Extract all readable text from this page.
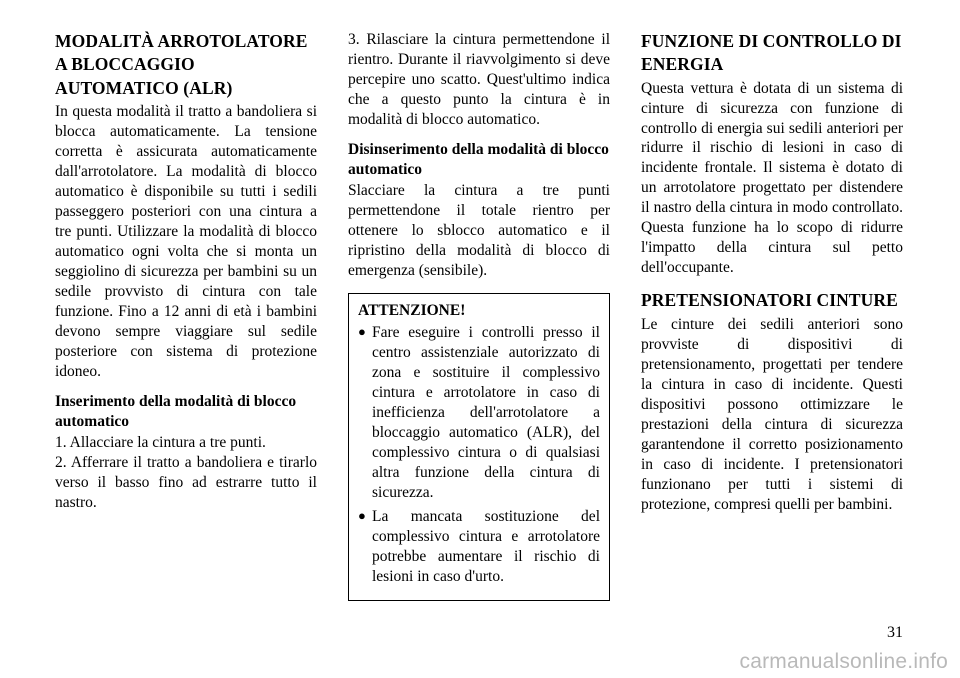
MODALITÀ ARROTOLATORE A BLOCCAGGIO AUTOMATICO (ALR)

In questa modalità il tratto a bandoliera si blocca automaticamente. La tensione corretta è assicurata automaticamente dall'arrotolatore. La modalità di blocco automatico è disponibile su tutti i sedili passeggero posteriori con una cintura a tre punti. Utilizzare la modalità di blocco automatico ogni volta che si monta un seggiolino di sicurezza per bambini su un sedile provvisto di cintura con tale funzione. Fino a 12 anni di età i bambini devono sempre viaggiare sul sedile posteriore con sistema di protezione idoneo.

Inserimento della modalità di blocco automatico

1. Allacciare la cintura a tre punti.

2. Afferrare il tratto a bandoliera e tirarlo verso il basso fino ad estrarre tutto il nastro.

3. Rilasciare la cintura permettendone il rientro. Durante il riavvolgimento si deve percepire uno scatto. Quest'ultimo indica che a questo punto la cintura è in modalità di blocco automatico.

Disinserimento della modalità di blocco automatico

Slacciare la cintura a tre punti permettendone il totale rientro per ottenere lo sblocco automatico e il ripristino della modalità di blocco di emergenza (sensibile).

ATTENZIONE!
● Fare eseguire i controlli presso il centro assistenziale autorizzato di zona e sostituire il complessivo cintura e arrotolatore in caso di inefficienza dell'arrotolatore a bloccaggio automatico (ALR), del complessivo cintura o di qualsiasi altra funzione della cintura di sicurezza.
● La mancata sostituzione del complessivo cintura e arrotolatore potrebbe aumentare il rischio di lesioni in caso d'urto.
FUNZIONE DI CONTROLLO DI ENERGIA

Questa vettura è dotata di un sistema di cinture di sicurezza con funzione di controllo di energia sui sedili anteriori per ridurre il rischio di lesioni in caso di incidente frontale. Il sistema è dotato di un arrotolatore progettato per distendere il nastro della cintura in modo controllato. Questa funzione ha lo scopo di ridurre l'impatto della cintura sul petto dell'occupante.

PRETENSIONATORI CINTURE

Le cinture dei sedili anteriori sono provviste di dispositivi di pretensionamento, progettati per tendere la cintura in caso di incidente. Questi dispositivi possono ottimizzare le prestazioni della cintura di sicurezza garantendone il corretto posizionamento in caso di incidente. I pretensionatori funzionano per tutti i sistemi di protezione, compresi quelli per bambini.

31
carmanualsonline.info
